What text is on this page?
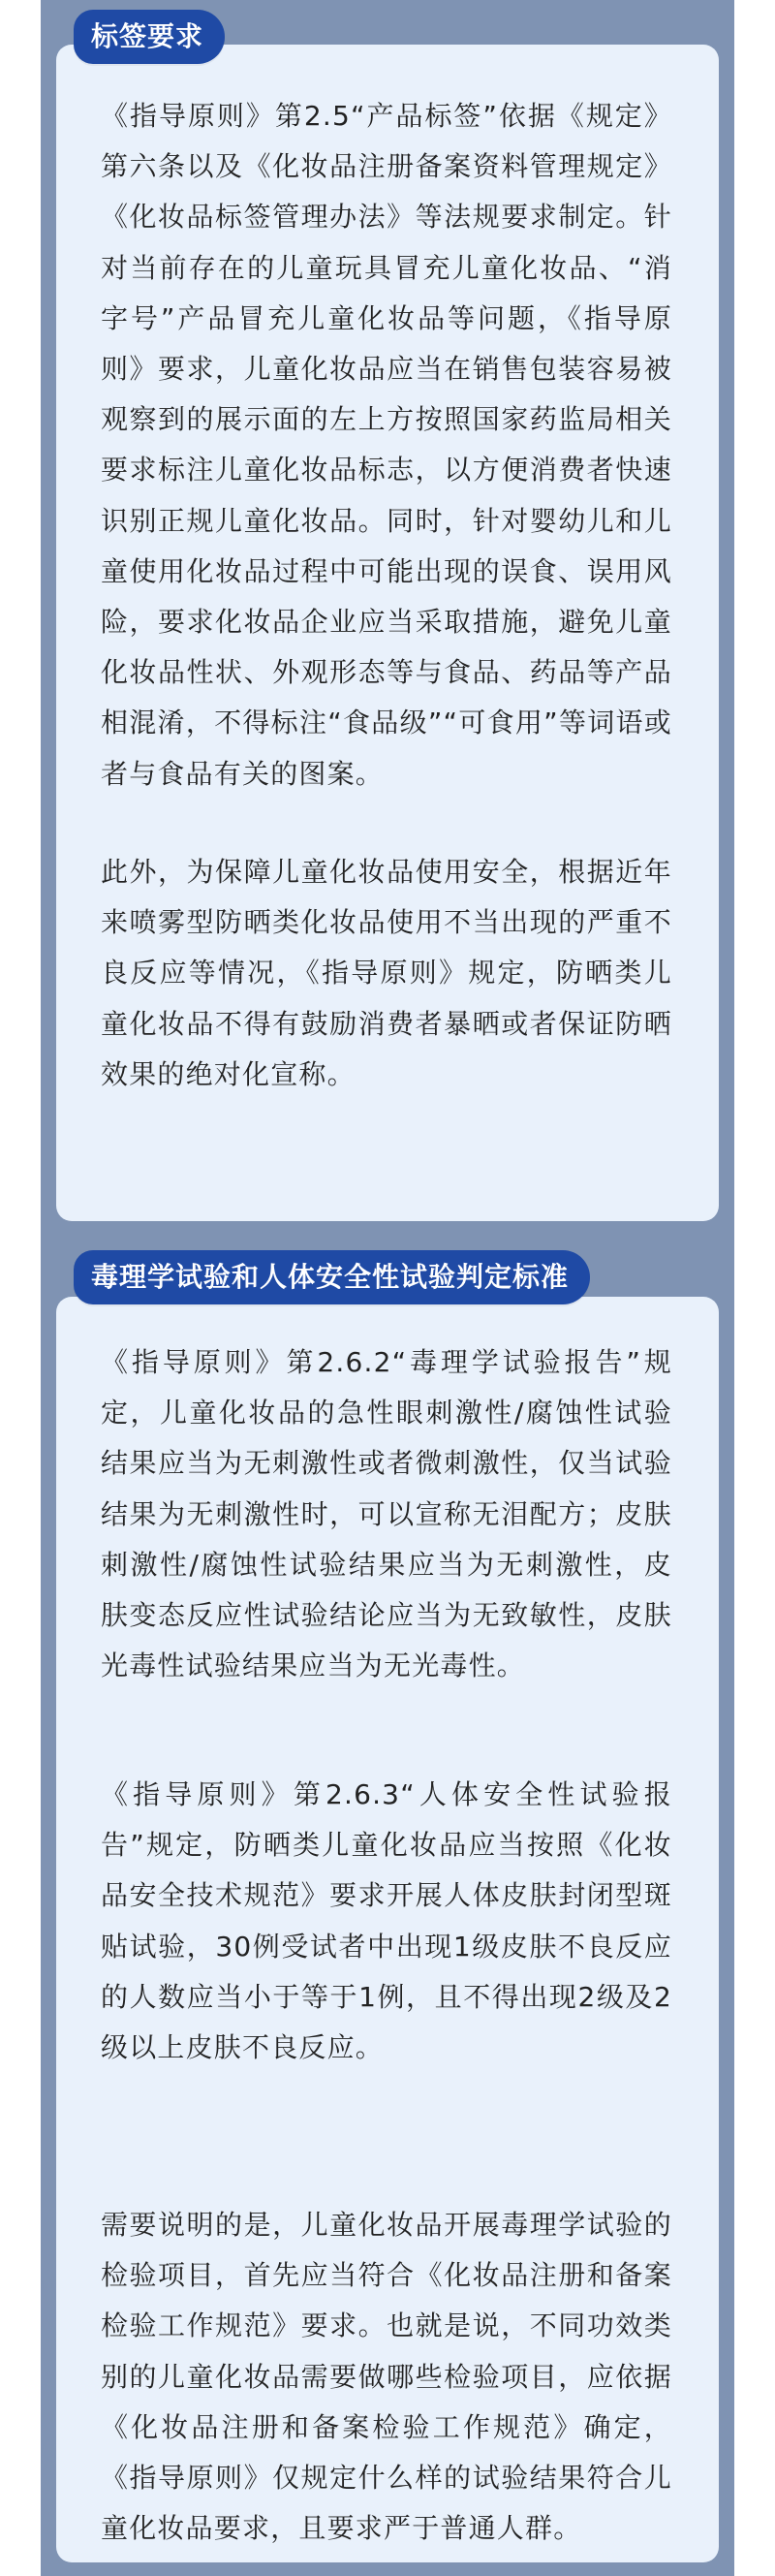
标签要求

《指导原则》第2.5“产品标签”依据《规定》第六条以及《化妆品注册备案资料管理规定》《化妆品标签管理办法》等法规要求制定。针对当前存在的儿童玩具冒充儿童化妆品、“消字号”产品冒充儿童化妆品等问题，《指导原则》要求，儿童化妆品应当在销售包装容易被观察到的展示面的左上方按照国家药监局相关要求标注儿童化妆品标志，以方便消费者快速识别正规儿童化妆品。同时，针对婴幼儿和儿童使用化妆品过程中可能出现的误食、误用风险，要求化妆品企业应当采取措施，避免儿童化妆品性状、外观形态等与食品、药品等产品相混淆，不得标注“食品级”“可食用”等词语或者与食品有关的图案。

此外，为保障儿童化妆品使用安全，根据近年来喷雾型防晒类化妆品使用不当出现的严重不良反应等情况，《指导原则》规定，防晒类儿童化妆品不得有鼓励消费者暴晒或者保证防晒效果的绝对化宣称。

毒理学试验和人体安全性试验判定标准

《指导原则》第2.6.2“毒理学试验报告”规定，儿童化妆品的急性眼刺激性/腐蚀性试验结果应当为无刺激性或者微刺激性，仅当试验结果为无刺激性时，可以宣称无泪配方；皮肤刺激性/腐蚀性试验结果应当为无刺激性，皮肤变态反应性试验结论应当为无致敏性，皮肤光毒性试验结果应当为无光毒性。

《指导原则》第2.6.3“人体安全性试验报告”规定，防晒类儿童化妆品应当按照《化妆品安全技术规范》要求开展人体皮肤封闭型斑贴试验，30例受试者中出现1级皮肤不良反应的人数应当小于等于1例，且不得出现2级及2级以上皮肤不良反应。

需要说明的是，儿童化妆品开展毒理学试验的检验项目，首先应当符合《化妆品注册和备案检验工作规范》要求。也就是说，不同功效类别的儿童化妆品需要做哪些检验项目，应依据《化妆品注册和备案检验工作规范》确定，《指导原则》仅规定什么样的试验结果符合儿童化妆品要求，且要求严于普通人群。
